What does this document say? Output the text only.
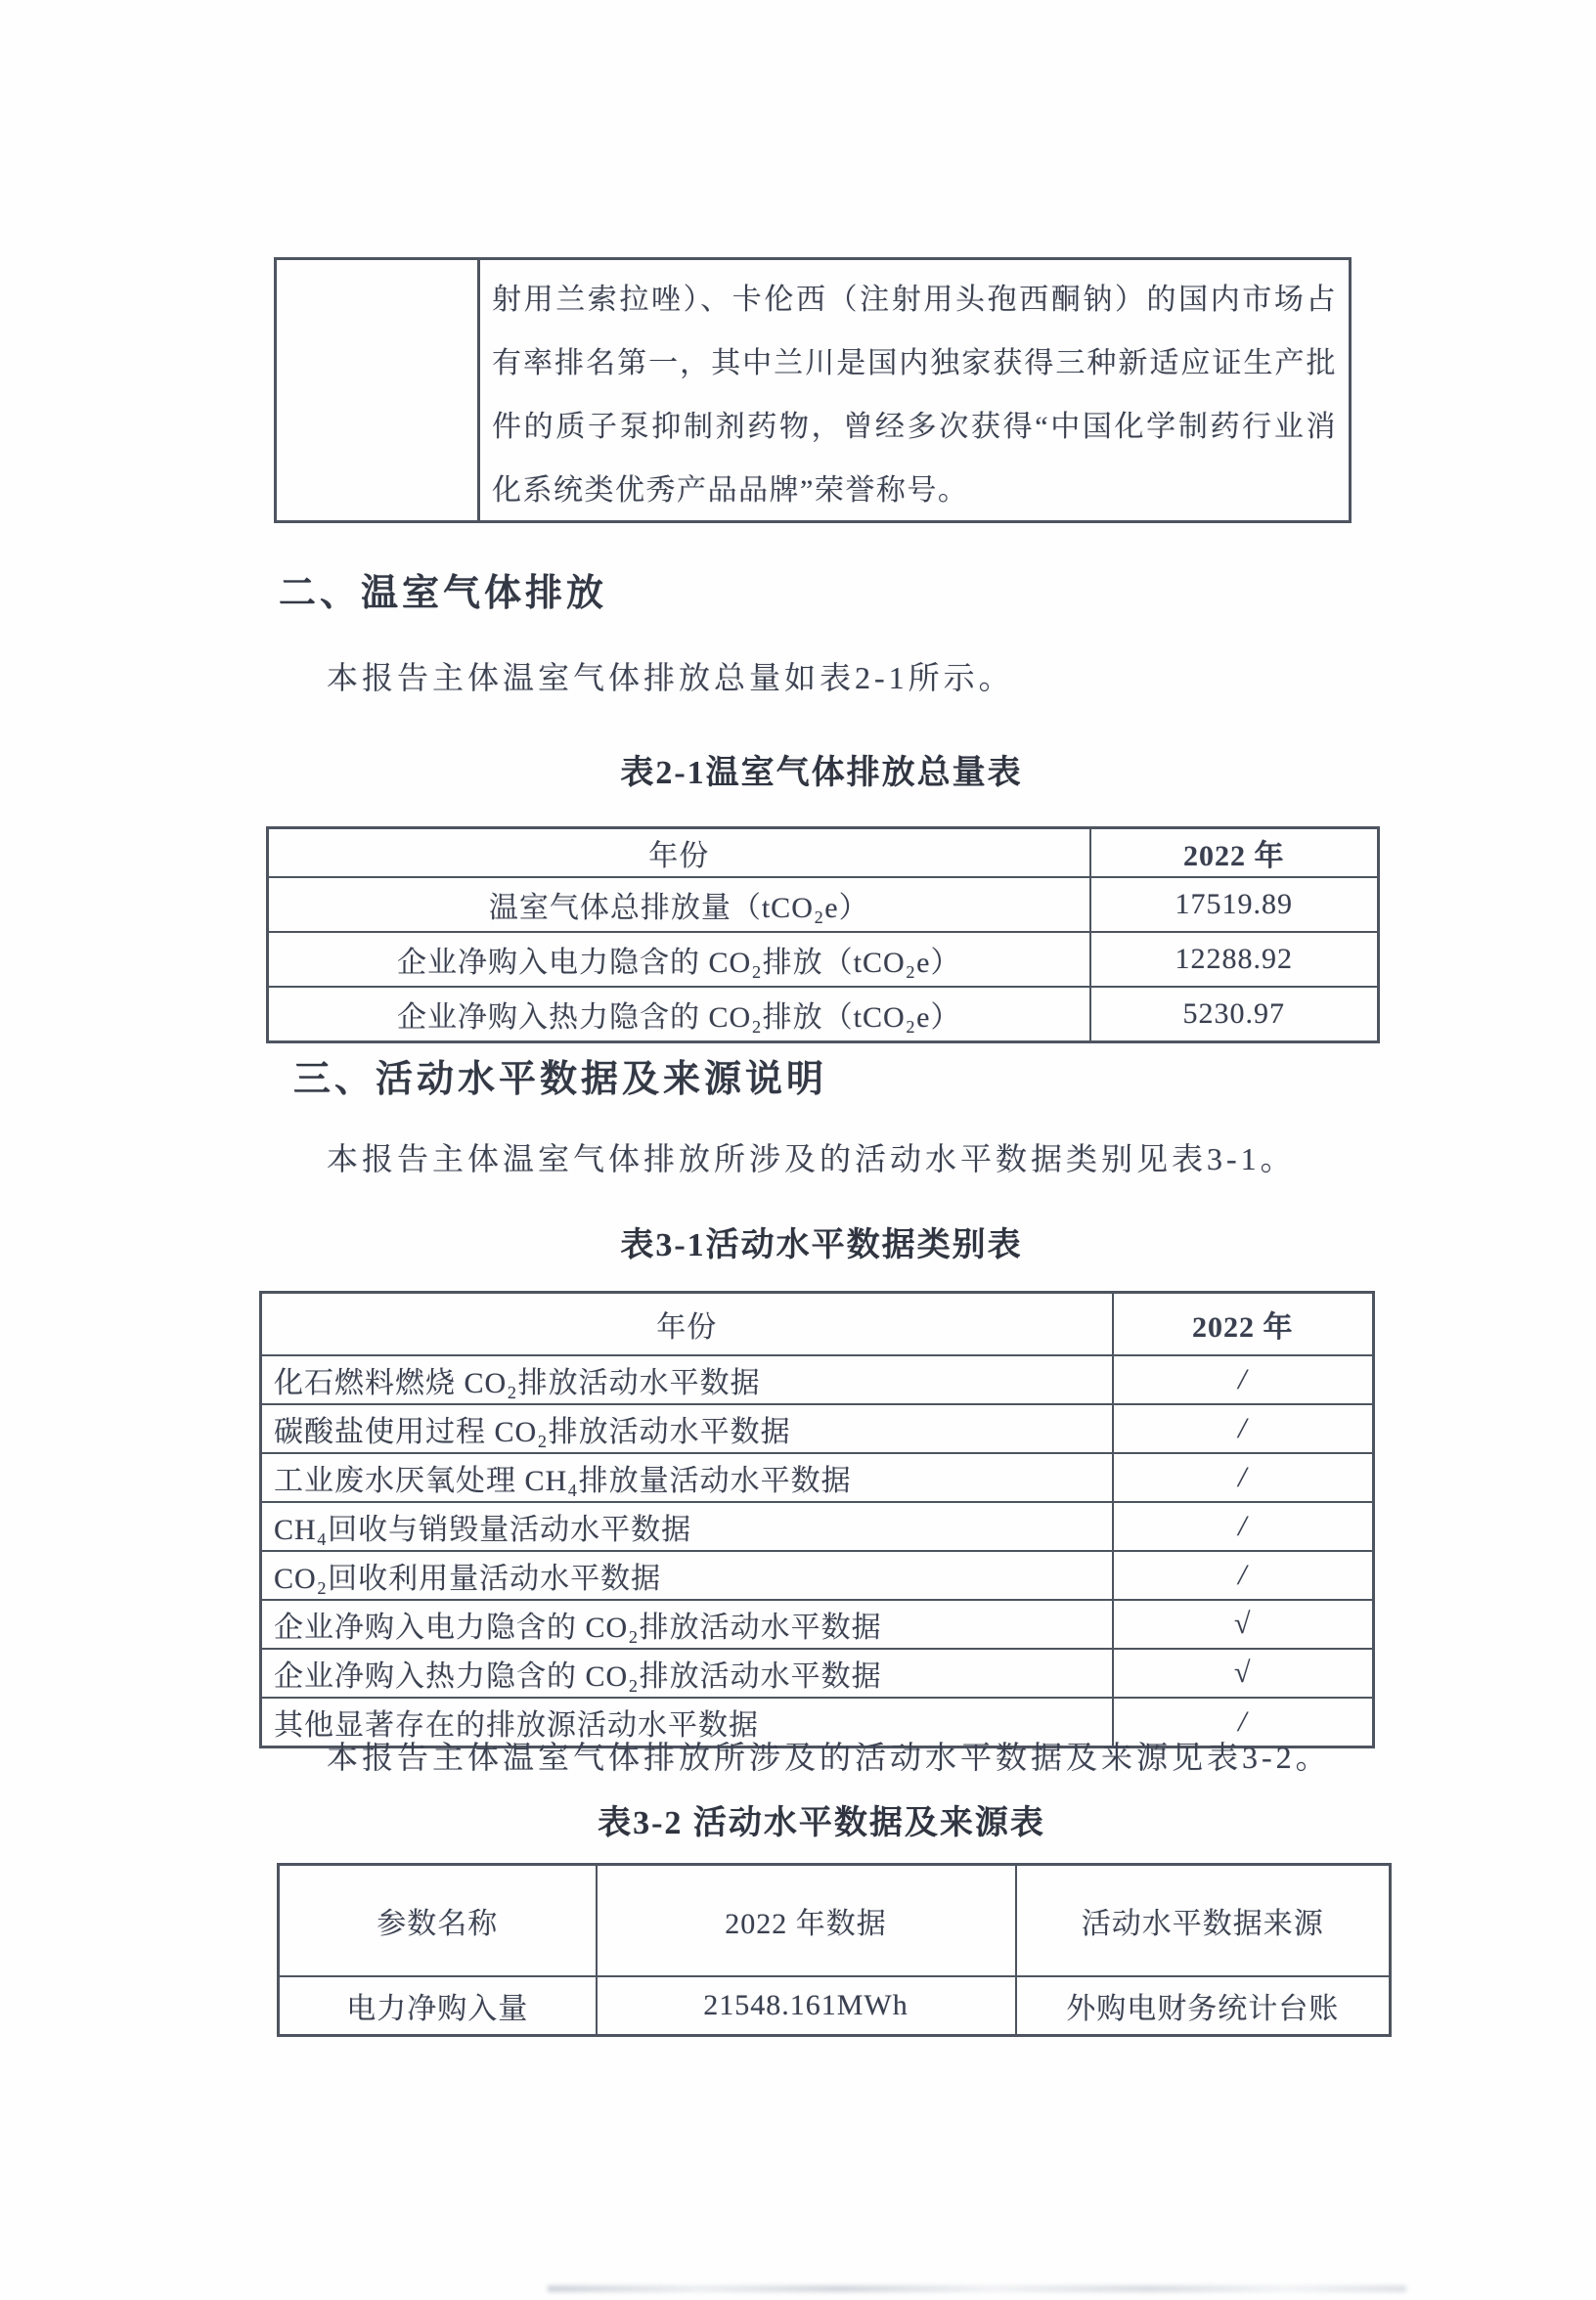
射用兰索拉唑）、卡伦西（注射用头孢西酮钠）的国内市场占有率排名第一，其中兰川是国内独家获得三种新适应证生产批件的质子泵抑制剂药物，曾经多次获得“中国化学制药行业消化系统类优秀产品品牌”荣誉称号。
二、温室气体排放
本报告主体温室气体排放总量如表2-1所示。
表2-1温室气体排放总量表
年份	2022 年
温室气体总排放量（tCO₂e）	17519.89
企业净购入电力隐含的 CO₂排放（tCO₂e）	12288.92
企业净购入热力隐含的 CO₂排放（tCO₂e）	5230.97
三、活动水平数据及来源说明
本报告主体温室气体排放所涉及的活动水平数据类别见表3-1。
表3-1活动水平数据类别表
年份	2022 年
化石燃料燃烧 CO₂排放活动水平数据	/
碳酸盐使用过程 CO₂排放活动水平数据	/
工业废水厌氧处理 CH₄排放量活动水平数据	/
CH₄回收与销毁量活动水平数据	/
CO₂回收利用量活动水平数据	/
企业净购入电力隐含的 CO₂排放活动水平数据	√
企业净购入热力隐含的 CO₂排放活动水平数据	√
其他显著存在的排放源活动水平数据	/
本报告主体温室气体排放所涉及的活动水平数据及来源见表3-2。
表3-2 活动水平数据及来源表
参数名称	2022 年数据	活动水平数据来源
电力净购入量	21548.161MWh	外购电财务统计台账
